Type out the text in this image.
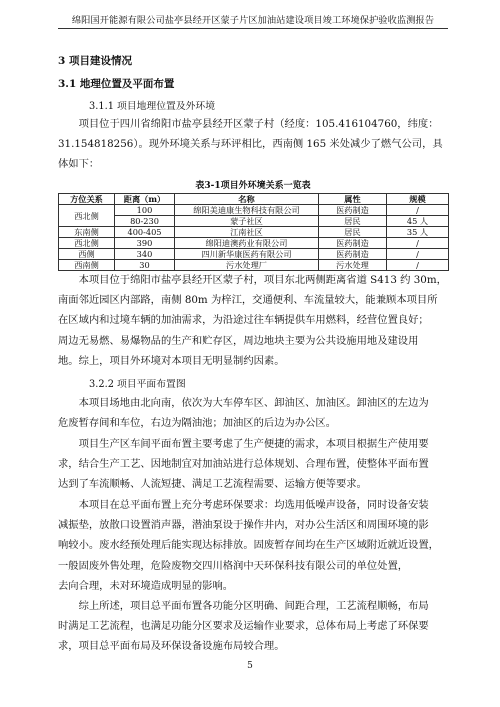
绵阳国开能源有限公司盐亭县经开区蒙子片区加油站建设项目竣工环境保护验收监测报告
3 项目建设情况
3.1 地理位置及平面布置
3.1.1 项目地理位置及外环境
项目位于四川省绵阳市盐亭县经开区蒙子村（经度：105.416104760，纬度：
31.154818256）。现外环境关系与环评相比，西南侧 165 米处减少了燃气公司，具
体如下：
表3-1项目外环境关系一览表
方位关系	距离（m）	名称	属性	规模
西北侧	100	绵阳美迪康生物科技有限公司	医药制造	/
	80-230	蒙子社区	居民	45 人
东南侧	400-405	江南社区	居民	35 人
西北侧	390	绵阳迪澳药业有限公司	医药制造	/
西侧	340	四川新华康医药有限公司	医药制造	/
西南侧	30	污水处理厂	污水处理	/
本项目位于绵阳市盐亭县经开区蒙子村，项目东北两侧距离省道 S413 约 30m，
南面邻近园区内部路，南侧 80m 为梓江，交通便利、车流量较大，能兼顾本项目所
在区域内和过境车辆的加油需求，为沿途过往车辆提供车用燃料，经营位置良好；
周边无易燃、易爆物品的生产和贮存区，周边地块主要为公共设施用地及建设用
地。综上，项目外环境对本项目无明显制约因素。
3.2.2 项目平面布置图
本项目场地由北向南，依次为大车停车区、卸油区、加油区。卸油区的左边为
危废暂存间和车位，右边为隔油池；加油区的后边为办公区。
项目生产区车间平面布置主要考虑了生产便捷的需求，本项目根据生产使用要
求，结合生产工艺、因地制宜对加油站进行总体规划、合理布置，使整体平面布置
达到了车流顺畅、人流短捷、满足工艺流程需要、运输方便等要求。
本项目在总平面布置上充分考虑环保要求：均选用低噪声设备，同时设备安装
减振垫，放散口设置消声器，潜油泵设于操作井内，对办公生活区和周围环境的影
响较小。废水经预处理后能实现达标排放。固废暂存间均在生产区域附近就近设置，
一般固废外售处理，危险废物交四川格润中天环保科技有限公司的单位处置，
去向合理，未对环境造成明显的影响。
综上所述，项目总平面布置各功能分区明确、间距合理，工艺流程顺畅，布局
时满足工艺流程，也满足功能分区要求及运输作业要求，总体布局上考虑了环保要
求，项目总平面布局及环保设备设施布局较合理。
5
